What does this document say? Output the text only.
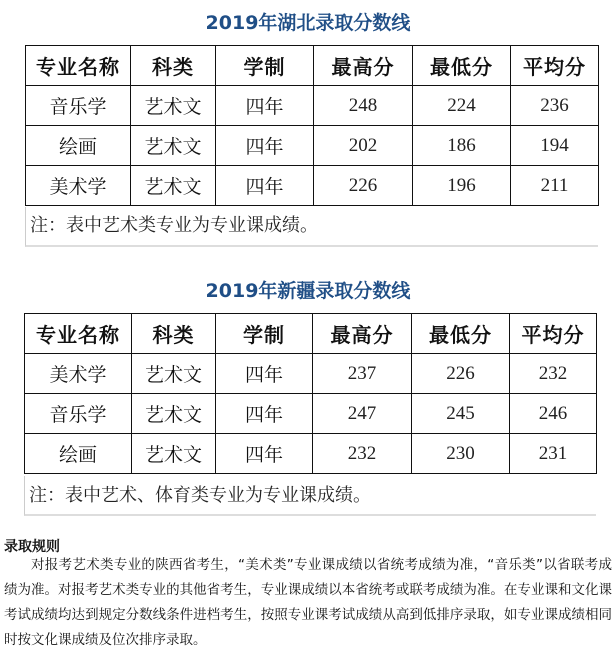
2019年湖北录取分数线
专业名称	科类	学制	最高分	最低分	平均分
音乐学	艺术文	四年	248	224	236
绘画	艺术文	四年	202	186	194
美术学	艺术文	四年	226	196	211
注：表中艺术类专业为专业课成绩。
2019年新疆录取分数线
专业名称	科类	学制	最高分	最低分	平均分
美术学	艺术文	四年	237	226	232
音乐学	艺术文	四年	247	245	246
绘画	艺术文	四年	232	230	231
注：表中艺术、体育类专业为专业课成绩。
录取规则
对报考艺术类专业的陕西省考生，“美术类”专业课成绩以省统考成绩为准，“音乐类”以省联考成绩为准。对报考艺术类专业的其他省考生，专业课成绩以本省统考或联考成绩为准。在专业课和文化课考试成绩均达到规定分数线条件进档考生，按照专业课考试成绩从高到低排序录取，如专业课成绩相同时按文化课成绩及位次排序录取。
